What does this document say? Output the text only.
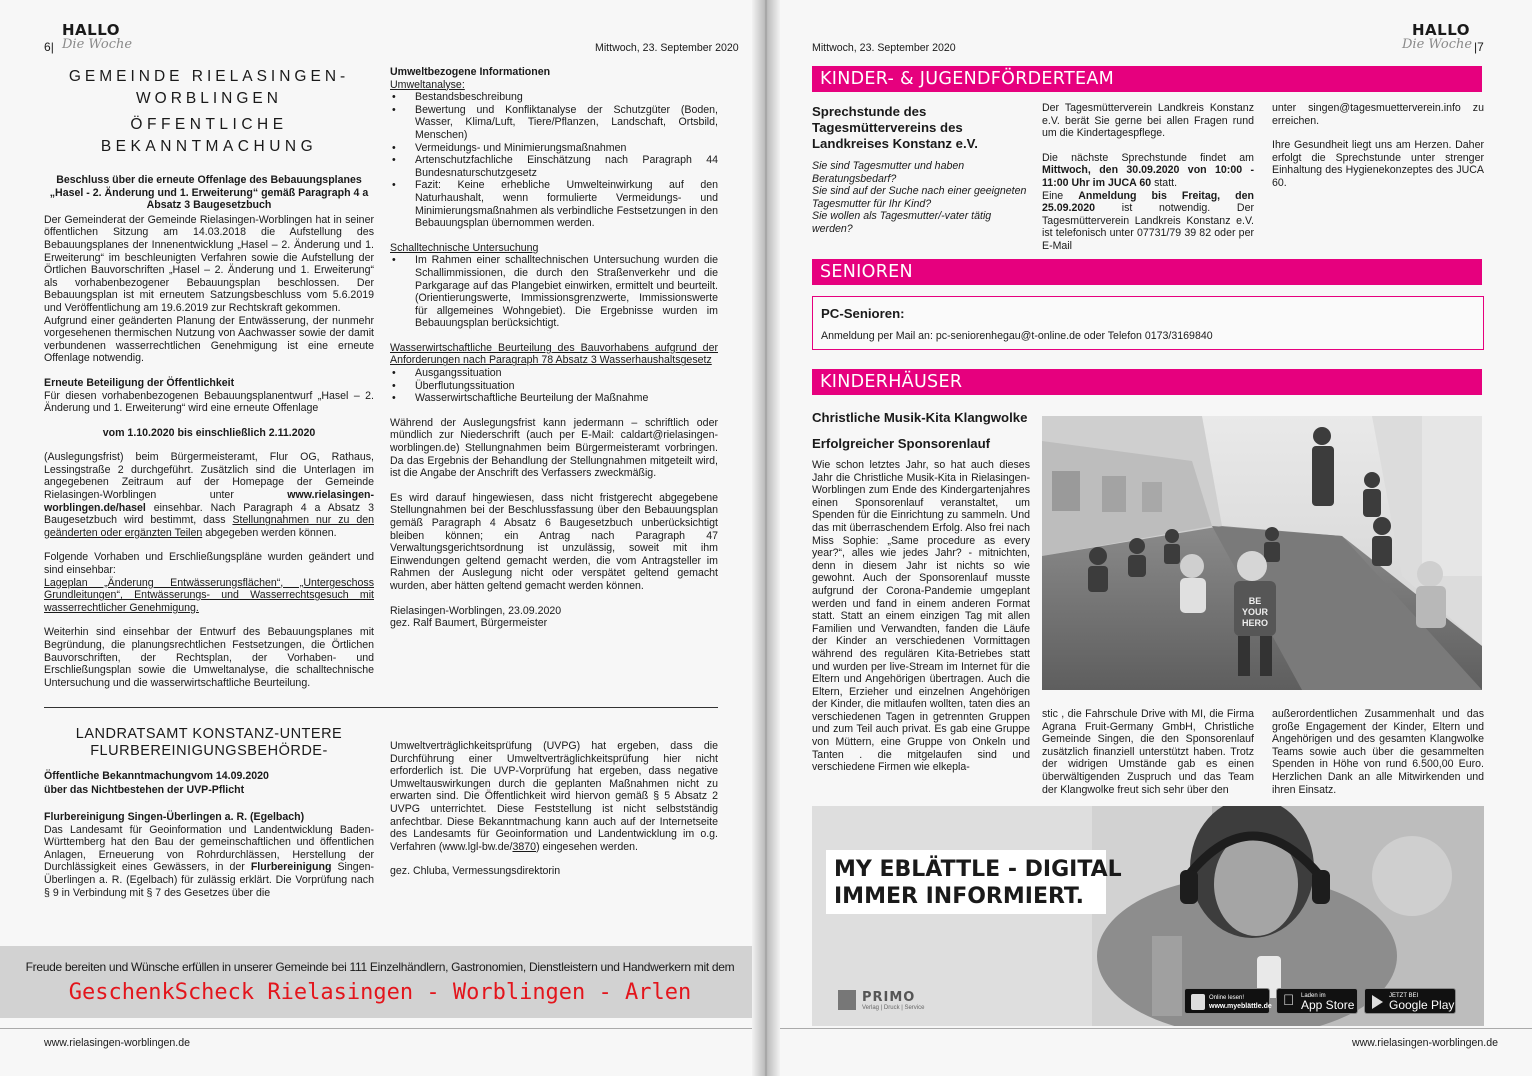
HALLO
Die Woche
6|	Mittwoch, 23. September 2020
GEMEINDE RIELASINGEN-
WORBLINGEN
ÖFFENTLICHE BEKANNTMACHUNG
Beschluss über die erneute Offenlage des Bebauungsplanes
„Hasel - 2. Änderung und 1. Erweiterung“ gemäß Paragraph 4 a
Absatz 3 Baugesetzbuch
Der Gemeinderat der Gemeinde Rielasingen-Worblingen hat in seiner öffentlichen Sitzung am 14.03.2018 die Aufstellung des Bebauungsplanes der Innenentwicklung „Hasel – 2. Änderung und 1. Erweiterung“ im beschleunigten Verfahren sowie die Aufstellung der Örtlichen Bauvorschriften „Hasel – 2. Änderung und 1. Erweiterung“ als vorhabenbezogener Bebauungsplan beschlossen. Der Bebauungsplan ist mit erneutem Satzungsbeschluss vom 5.6.2019 und Veröffentlichung am 19.6.2019 zur Rechtskraft gekommen.

Aufgrund einer geänderten Planung der Entwässerung, der nunmehr vorgesehenen thermischen Nutzung von Aachwasser sowie der damit verbundenen wasserrechtlichen Genehmigung ist eine erneute Offenlage notwendig.

Erneute Beteiligung der Öffentlichkeit

Für diesen vorhabenbezogenen Bebauungsplanentwurf „Hasel – 2. Änderung und 1. Erweiterung“ wird eine erneute Offenlage

vom 1.10.2020 bis einschließlich 2.11.2020

(Auslegungsfrist) beim Bürgermeisteramt, Flur OG, Rathaus, Lessingstraße 2 durchgeführt. Zusätzlich sind die Unterlagen im angegebenen Zeitraum auf der Homepage der Gemeinde Rielasingen-Worblingen unter www.rielasingen-worblingen.de/hasel einsehbar. Nach Paragraph 4 a Absatz 3 Baugesetzbuch wird bestimmt, dass Stellungnahmen nur zu den geänderten oder ergänzten Teilen abgegeben werden können.

Folgende Vorhaben und Erschließungspläne wurden geändert und sind einsehbar:

Lageplan „Änderung Entwässerungsflächen“, „Untergeschoss Grundleitungen“, Entwässerungs- und Wasserrechtsgesuch mit wasserrechtlicher Genehmigung.

Weiterhin sind einsehbar der Entwurf des Bebauungsplanes mit Begründung, die planungsrechtlichen Festsetzungen, die Örtlichen Bauvorschriften, der Rechtsplan, der Vorhaben- und Erschließungsplan sowie die Umweltanalyse, die schalltechnische Untersuchung und die wasserwirtschaftliche Beurteilung.

Umweltbezogene Informationen
Umweltanalyse:
• Bestandsbeschreibung
• Bewertung und Konfliktanalyse der Schutzgüter (Boden, Wasser, Klima/Luft, Tiere/Pflanzen, Landschaft, Ortsbild, Menschen)
• Vermeidungs- und Minimierungsmaßnahmen
• Artenschutzfachliche Einschätzung nach Paragraph 44 Bundesnaturschutzgesetz
• Fazit: Keine erhebliche Umwelteinwirkung auf den Naturhaushalt, wenn formulierte Vermeidungs- und Minimierungsmaßnahmen als verbindliche Festsetzungen in den Bebauungsplan übernommen werden.
Schalltechnische Untersuchung
• Im Rahmen einer schalltechnischen Untersuchung wurden die Schallimmissionen, die durch den Straßenverkehr und die Parkgarage auf das Plangebiet einwirken, ermittelt und beurteilt. (Orientierungswerte, Immissionsgrenzwerte, Immissionswerte für allgemeines Wohngebiet). Die Ergebnisse wurden im Bebauungsplan berücksichtigt.
Wasserwirtschaftliche Beurteilung des Bauvorhabens aufgrund der Anforderungen nach Paragraph 78 Absatz 3 Wasserhaushaltsgesetz
• Ausgangssituation
• Überflutungssituation
• Wasserwirtschaftliche Beurteilung der Maßnahme

Während der Auslegungsfrist kann jedermann – schriftlich oder mündlich zur Niederschrift (auch per E-Mail: caldart@rielasingen-worblingen.de) Stellungnahmen beim Bürgermeisteramt vorbringen. Da das Ergebnis der Behandlung der Stellungnahmen mitgeteilt wird, ist die Angabe der Anschrift des Verfassers zweckmäßig.

Es wird darauf hingewiesen, dass nicht fristgerecht abgegebene Stellungnahmen bei der Beschlussfassung über den Bebauungsplan gemäß Paragraph 4 Absatz 6 Baugesetzbuch unberücksichtigt bleiben können; ein Antrag nach Paragraph 47 Verwaltungsgerichtsordnung ist unzulässig, soweit mit ihm Einwendungen geltend gemacht werden, die vom Antragsteller im Rahmen der Auslegung nicht oder verspätet geltend gemacht wurden, aber hätten geltend gemacht werden können.

Rielasingen-Worblingen, 23.09.2020
gez. Ralf Baumert, Bürgermeister
LANDRATSAMT KONSTANZ-UNTERE
FLURBEREINIGUNGSBEHÖRDE-
Öffentliche Bekanntmachungvom 14.09.2020
über das Nichtbestehen der UVP-Pflicht
Flurbereinigung Singen-Überlingen a. R. (Egelbach)
Das Landesamt für Geoinformation und Landentwicklung Baden-Württemberg hat den Bau der gemeinschaftlichen und öffentlichen Anlagen, Erneuerung von Rohrdurchlässen, Herstellung der Durchlässigkeit eines Gewässers, in der Flurbereinigung Singen-Überlingen a. R. (Egelbach) für zulässig erklärt. Die Vorprüfung nach § 9 in Verbindung mit § 7 des Gesetzes über die

Umweltverträglichkeitsprüfung (UVPG) hat ergeben, dass die Durchführung einer Umweltverträglichkeitsprüfung hier nicht erforderlich ist. Die UVP-Vorprüfung hat ergeben, dass negative Umweltauswirkungen durch die geplanten Maßnahmen nicht zu erwarten sind. Die Öffentlichkeit wird hiervon gemäß § 5 Absatz 2 UVPG unterrichtet. Diese Feststellung ist nicht selbstständig anfechtbar. Diese Bekanntmachung kann auch auf der Internetseite des Landesamts für Geoinformation und Landentwicklung im o.g. Verfahren (www.lgl-bw.de/3870) eingesehen werden.

gez. Chluba, Vermessungsdirektorin
Freude bereiten und Wünsche erfüllen in unserer Gemeinde bei 111 Einzelhändlern, Gastronomien, Dienstleistern und Handwerkern mit dem
GeschenkScheck Rielasingen - Worblingen - Arlen
www.rielasingen-worblingen.de
Mittwoch, 23. September 2020
HALLO
Die Woche |7
KINDER- & JUGENDFÖRDERTEAM
Sprechstunde des Tagesmüttervereins des Landkreises Konstanz e.V.
Sie sind Tagesmutter und haben Beratungsbedarf?
Sie sind auf der Suche nach einer geeigneten Tagesmutter für Ihr Kind?
Sie wollen als Tagesmutter/-vater tätig werden?

Der Tagesmütterverein Landkreis Konstanz e.V. berät Sie gerne bei allen Fragen rund um die Kindertagespflege.

Die nächste Sprechstunde findet am Mittwoch, den 30.09.2020 von 10:00 - 11:00 Uhr im JUCA 60 statt.
Eine Anmeldung bis Freitag, den 25.09.2020 ist notwendig. Der Tagesmütterverein Landkreis Konstanz e.V. ist telefonisch unter 07731/79 39 82 oder per E-Mail

unter singen@tagesmuetterverein.info zu erreichen.

Ihre Gesundheit liegt uns am Herzen. Daher erfolgt die Sprechstunde unter strenger Einhaltung des Hygienekonzeptes des JUCA 60.
SENIOREN
PC-Senioren:
Anmeldung per Mail an: pc-seniorenhegau@t-online.de oder Telefon 0173/3169840
KINDERHÄUSER
Christliche Musik-Kita Klangwolke
Erfolgreicher Sponsorenlauf
Wie schon letztes Jahr, so hat auch dieses Jahr die Christliche Musik-Kita in Rielasingen-Worblingen zum Ende des Kindergartenjahres einen Sponsorenlauf veranstaltet, um Spenden für die Einrichtung zu sammeln. Und das mit überraschendem Erfolg. Also frei nach Miss Sophie: „Same procedure as every year?“, alles wie jedes Jahr? - mitnichten, denn in diesem Jahr ist nichts so wie gewohnt. Auch der Sponsorenlauf musste aufgrund der Corona-Pandemie umgeplant werden und fand in einem anderen Format statt. Statt an einem einzigen Tag mit allen Familien und Verwandten, fanden die Läufe der Kinder an verschiedenen Vormittagen während des regulären Kita-Betriebes statt und wurden per live-Stream im Internet für die Eltern und Angehörigen übertragen. Auch die Eltern, Erzieher und einzelnen Angehörigen der Kinder, die mitlaufen wollten, taten dies an verschiedenen Tagen in getrennten Gruppen und zum Teil auch privat. Es gab eine Gruppe von Müttern, eine Gruppe von Onkeln und Tanten . die mitgelaufen sind und verschiedene Firmen wie elkepla-
BE
YOUR
HERO
stic , die Fahrschule Drive with MI, die Firma Agrana Fruit-Germany GmbH, Christliche Gemeinde Singen, die den Sponsorenlauf zusätzlich finanziell unterstützt haben. Trotz der widrigen Umstände gab es einen überwältigenden Zuspruch und das Team der Klangwolke freut sich sehr über den
außerordentlichen Zusammenhalt und das große Engagement der Kinder, Eltern und Angehörigen und des gesamten Klangwolke Teams sowie auch über die gesammelten Spenden in Höhe von rund 6.500,00 Euro. Herzlichen Dank an alle Mitwirkenden und ihren Einsatz.
MY EBLÄTTLE - DIGITAL
IMMER INFORMIERT.
PRIMO
Verlag | Druck | Service
Online lesen!
www.myeblättle.de
Laden im
App Store
JETZT BEI
Google Play
www.rielasingen-worblingen.de
